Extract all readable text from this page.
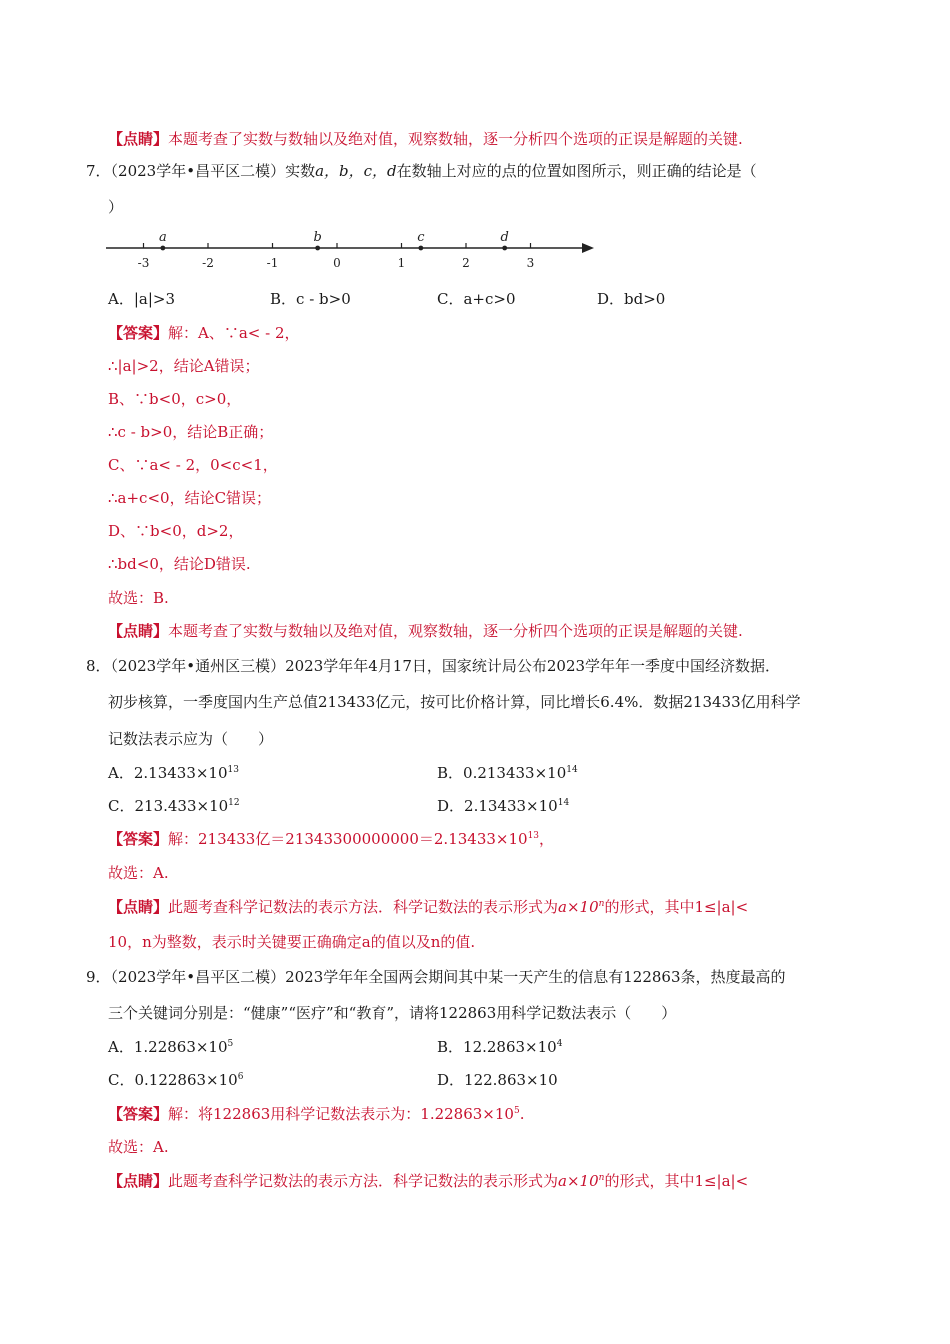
【点睛】本题考查了实数与数轴以及绝对值，观察数轴，逐一分析四个选项的正误是解题的关键.
7．（2023学年•昌平区二模）实数a，b，c，d在数轴上对应的点的位置如图所示，则正确的结论是（
）
-3	-2	-1	0	1	2	3
a	b	c	d
A．|a|>3	B．c - b>0	C．a+c>0	D．bd>0
【答案】解：A、∵a< - 2，
∴|a|>2，结论A错误；
B、∵b<0，c>0，
∴c - b>0，结论B正确；
C、∵a< - 2，0<c<1，
∴a+c<0，结论C错误；
D、∵b<0，d>2，
∴bd<0，结论D错误.
故选：B.
【点睛】本题考查了实数与数轴以及绝对值，观察数轴，逐一分析四个选项的正误是解题的关键.
8．（2023学年•通州区三模）2023学年年4月17日，国家统计局公布2023学年年一季度中国经济数据．
初步核算，一季度国内生产总值213433亿元，按可比价格计算，同比增长6.4%．数据213433亿用科学
记数法表示应为（　　）
A．$2.13433\times 10^{13}$	B．$0.213433\times 10^{14}$
C．$213.433\times 10^{12}$	D．$2.13433\times 10^{14}$
【答案】解：213433亿$=21343300000000=2.13433\times 10^{13}$，
故选：A.
【点睛】此题考查科学记数法的表示方法．科学记数法的表示形式为$a\times 10^n$的形式，其中1≤|a|<
10，n为整数，表示时关键要正确确定a的值以及n的值.
9．（2023学年•昌平区二模）2023学年年全国两会期间其中某一天产生的信息有122863条，热度最高的
三个关键词分别是：“健康”“医疗”和“教育”，请将122863用科学记数法表示（　　）
A．$1.22863\times 10^5$	B．$12.2863\times 10^4$
C．$0.122863\times 10^6$	D．122.863×10
【答案】解：将122863用科学记数法表示为：$1.22863\times 10^5$.
故选：A.
【点睛】此题考查科学记数法的表示方法．科学记数法的表示形式为$a\times 10^n$的形式，其中1≤|a|<
